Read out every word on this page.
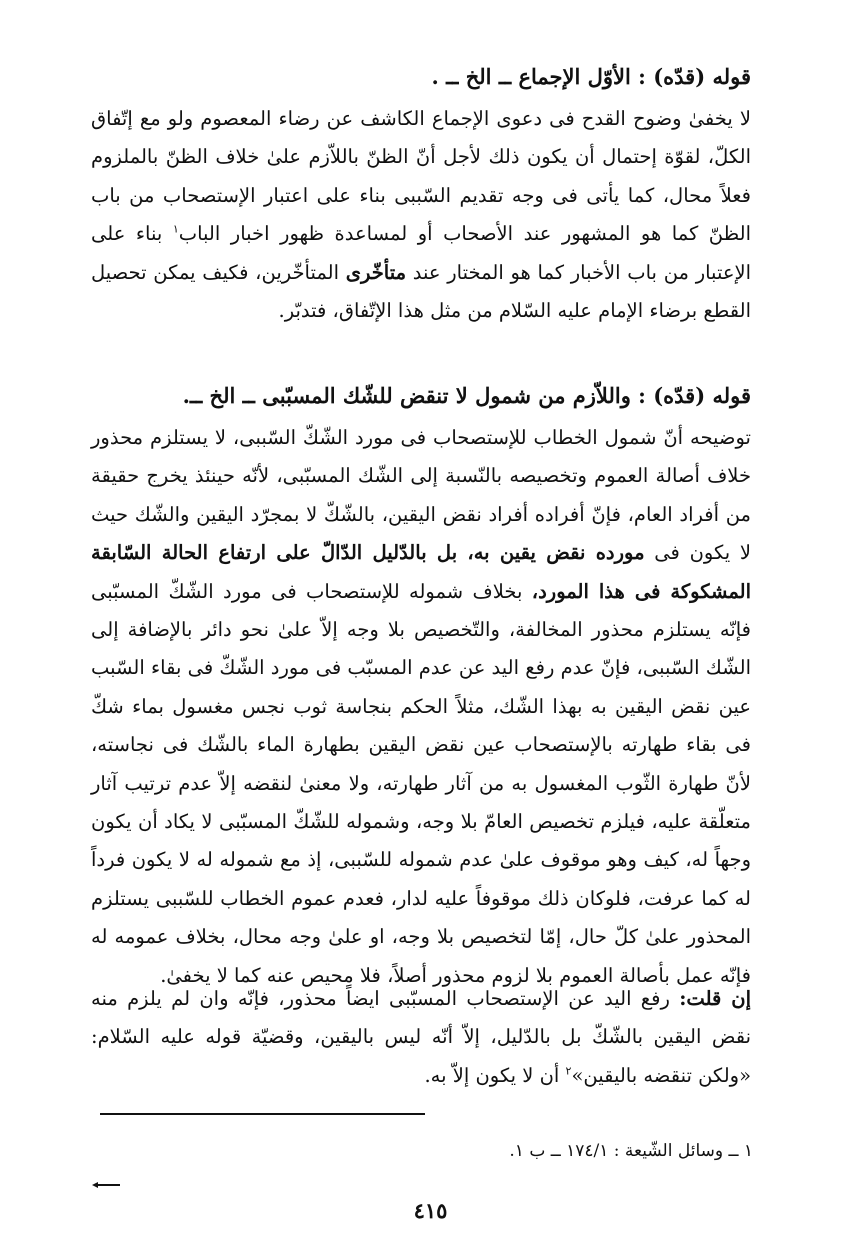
قوله (قدّه) : الأوّل الإجماع ــ الخ ــ .
لا يخفىٰ وضوح القدح فى دعوى الإجماع الكاشف عن رضاء المعصوم ولو مع إتّفاق الكلّ، لقوّة إحتمال أن يكون ذلك لأجل أنّ الظنّ باللاّزم علىٰ خلاف الظنّ بالملزوم فعلاً محال، كما يأتى فى وجه تقديم السّببى بناء على اعتبار الإستصحاب من باب الظنّ كما هو المشهور عند الأصحاب أو لمساعدة ظهور اخبار الباب$^١$ بناء على الإعتبار من باب الأخبار كما هو المختار عند متأخّرى المتأخّرين، فكيف يمكن تحصيل القطع برضاء الإمام عليه السّلام من مثل هذا الإتّفاق، فتدبّر.
قوله (قدّه) : واللاّزم من شمول لا تنقض للشّك المسبّبى ــ الخ ــ.
توضيحه أنّ شمول الخطاب للإستصحاب فى مورد الشّكّ السّببى، لا يستلزم محذور خلاف أصالة العموم وتخصيصه بالنّسبة إلى الشّك المسبّبى، لأنّه حينئذ يخرج حقيقة من أفراد العام، فإنّ أفراده أفراد نقض اليقين، بالشّكّ لا بمجرّد اليقين والشّك حيث لا يكون فى مورده نقض يقين به، بل بالدّليل الدّالّ على ارتفاع الحالة السّابقة المشكوكة فى هذا المورد، بخلاف شموله للإستصحاب فى مورد الشّكّ المسبّبى فإنّه يستلزم محذور المخالفة، والتّخصيص بلا وجه إلاّ علىٰ نحو دائر بالإضافة إلى الشّك السّببى، فإنّ عدم رفع اليد عن عدم المسبّب فى مورد الشّكّ فى بقاء السّبب عين نقض اليقين به بهذا الشّك، مثلاً الحكم بنجاسة ثوب نجس مغسول بماء شكّ فى بقاء طهارته بالإستصحاب عين نقض اليقين بطهارة الماء بالشّك فى نجاسته، لأنّ طهارة الثّوب المغسول به من آثار طهارته، ولا معنىٰ لنقضه إلاّ عدم ترتيب آثار متعلّقة عليه، فيلزم تخصيص العامّ بلا وجه، وشموله للشّكّ المسبّبى لا يكاد أن يكون وجهاً له، كيف وهو موقوف علىٰ عدم شموله للسّببى، إذ مع شموله له لا يكون فرداً له كما عرفت، فلوكان ذلك موقوفاً عليه لدار، فعدم عموم الخطاب للسّببى يستلزم المحذور علىٰ كلّ حال، إمّا لتخصيص بلا وجه، او علىٰ وجه محال، بخلاف عمومه له فإنّه عمل بأصالة العموم بلا لزوم محذور أصلاً، فلا محيص عنه كما لا يخفىٰ.
إن قلت: رفع اليد عن الإستصحاب المسبّبى ايضاً محذور، فإنّه وان لم يلزم منه نقض اليقين بالشّكّ بل بالدّليل، إلاّ أنّه ليس باليقين، وقضيّة قوله عليه السّلام: «ولكن تنقضه باليقين»$^٢$ أن لا يكون إلاّ به.
١ ــ وسائل الشّيعة : ١٧٤/١ ــ ب ١.
٤١٥
